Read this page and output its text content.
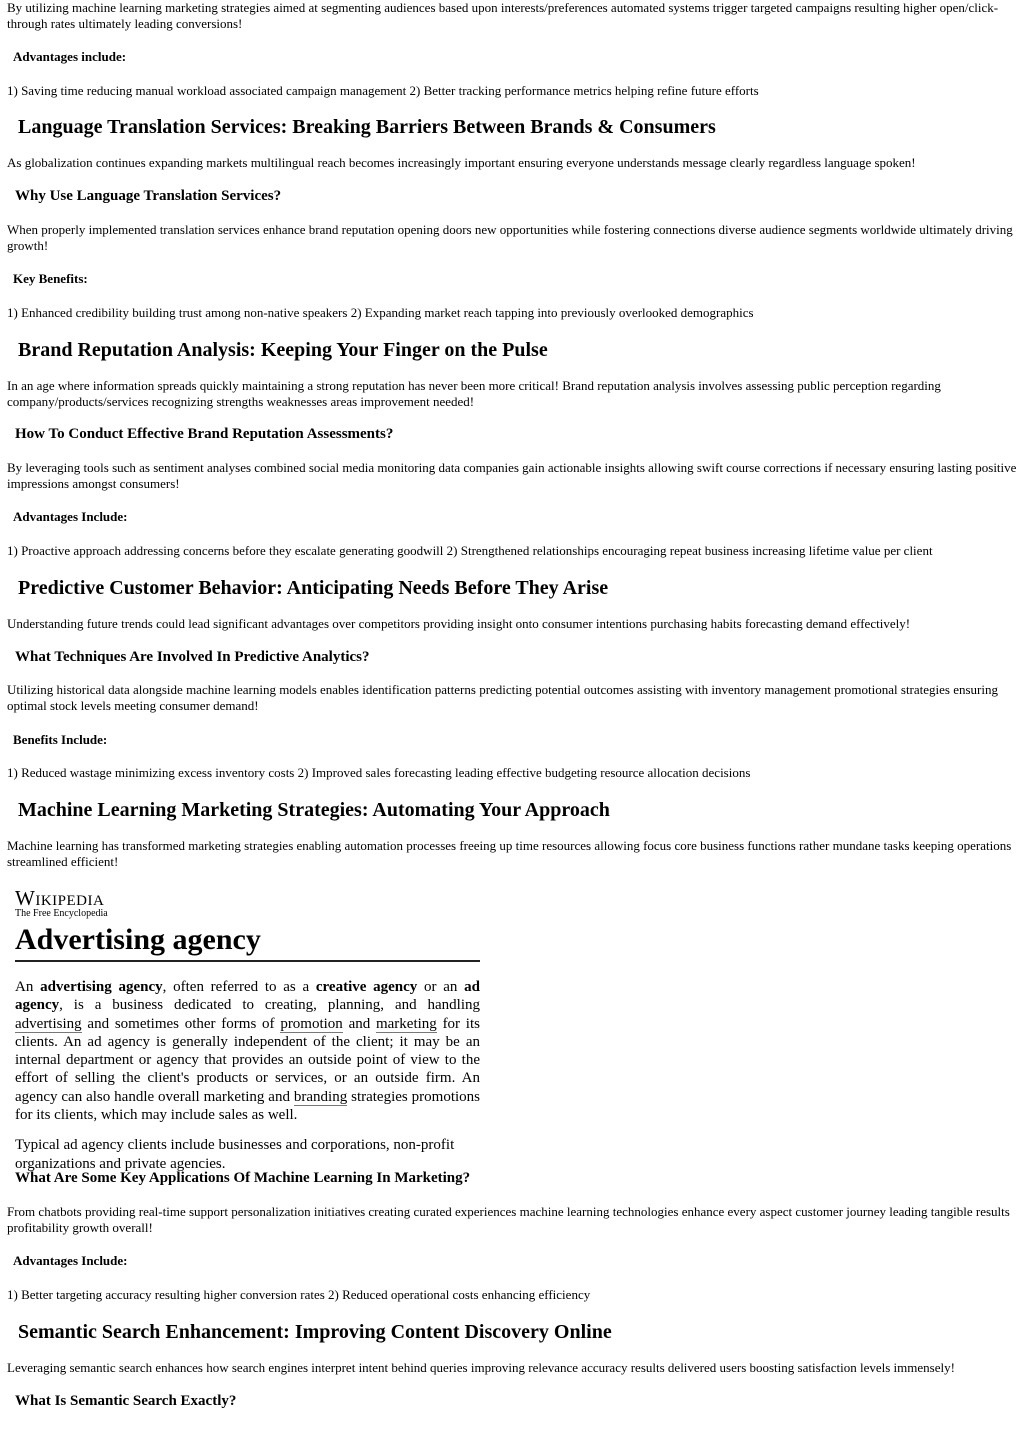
By utilizing machine learning marketing strategies aimed at segmenting audiences based upon interests/preferences automated systems trigger targeted campaigns resulting higher open/click-through rates ultimately leading conversions!

Advantages include:

1) Saving time reducing manual workload associated campaign management 2) Better tracking performance metrics helping refine future efforts

Language Translation Services: Breaking Barriers Between Brands & Consumers

As globalization continues expanding markets multilingual reach becomes increasingly important ensuring everyone understands message clearly regardless language spoken!

Why Use Language Translation Services?

When properly implemented translation services enhance brand reputation opening doors new opportunities while fostering connections diverse audience segments worldwide ultimately driving growth!

Key Benefits:

1) Enhanced credibility building trust among non-native speakers 2) Expanding market reach tapping into previously overlooked demographics

Brand Reputation Analysis: Keeping Your Finger on the Pulse

In an age where information spreads quickly maintaining a strong reputation has never been more critical! Brand reputation analysis involves assessing public perception regarding company/products/services recognizing strengths weaknesses areas improvement needed!

How To Conduct Effective Brand Reputation Assessments?

By leveraging tools such as sentiment analyses combined social media monitoring data companies gain actionable insights allowing swift course corrections if necessary ensuring lasting positive impressions amongst consumers!

Advantages Include:

1) Proactive approach addressing concerns before they escalate generating goodwill 2) Strengthened relationships encouraging repeat business increasing lifetime value per client

Predictive Customer Behavior: Anticipating Needs Before They Arise

Understanding future trends could lead significant advantages over competitors providing insight onto consumer intentions purchasing habits forecasting demand effectively!

What Techniques Are Involved In Predictive Analytics?

Utilizing historical data alongside machine learning models enables identification patterns predicting potential outcomes assisting with inventory management promotional strategies ensuring optimal stock levels meeting consumer demand!

Benefits Include:

1) Reduced wastage minimizing excess inventory costs 2) Improved sales forecasting leading effective budgeting resource allocation decisions

Machine Learning Marketing Strategies: Automating Your Approach

Machine learning has transformed marketing strategies enabling automation processes freeing up time resources allowing focus core business functions rather mundane tasks keeping operations streamlined efficient!

Wikipedia
The Free Encyclopedia
Advertising agency
An advertising agency, often referred to as a creative agency or an ad agency, is a business dedicated to creating, planning, and handling advertising and sometimes other forms of promotion and marketing for its clients. An ad agency is generally independent of the client; it may be an internal department or agency that provides an outside point of view to the effort of selling the client's products or services, or an outside firm. An agency can also handle overall marketing and branding strategies promotions for its clients, which may include sales as well.
Typical ad agency clients include businesses and corporations, non-profit organizations and private agencies.
What Are Some Key Applications Of Machine Learning In Marketing?

From chatbots providing real-time support personalization initiatives creating curated experiences machine learning technologies enhance every aspect customer journey leading tangible results profitability growth overall!

Advantages Include:

1) Better targeting accuracy resulting higher conversion rates 2) Reduced operational costs enhancing efficiency

Semantic Search Enhancement: Improving Content Discovery Online

Leveraging semantic search enhances how search engines interpret intent behind queries improving relevance accuracy results delivered users boosting satisfaction levels immensely!

What Is Semantic Search Exactly?
